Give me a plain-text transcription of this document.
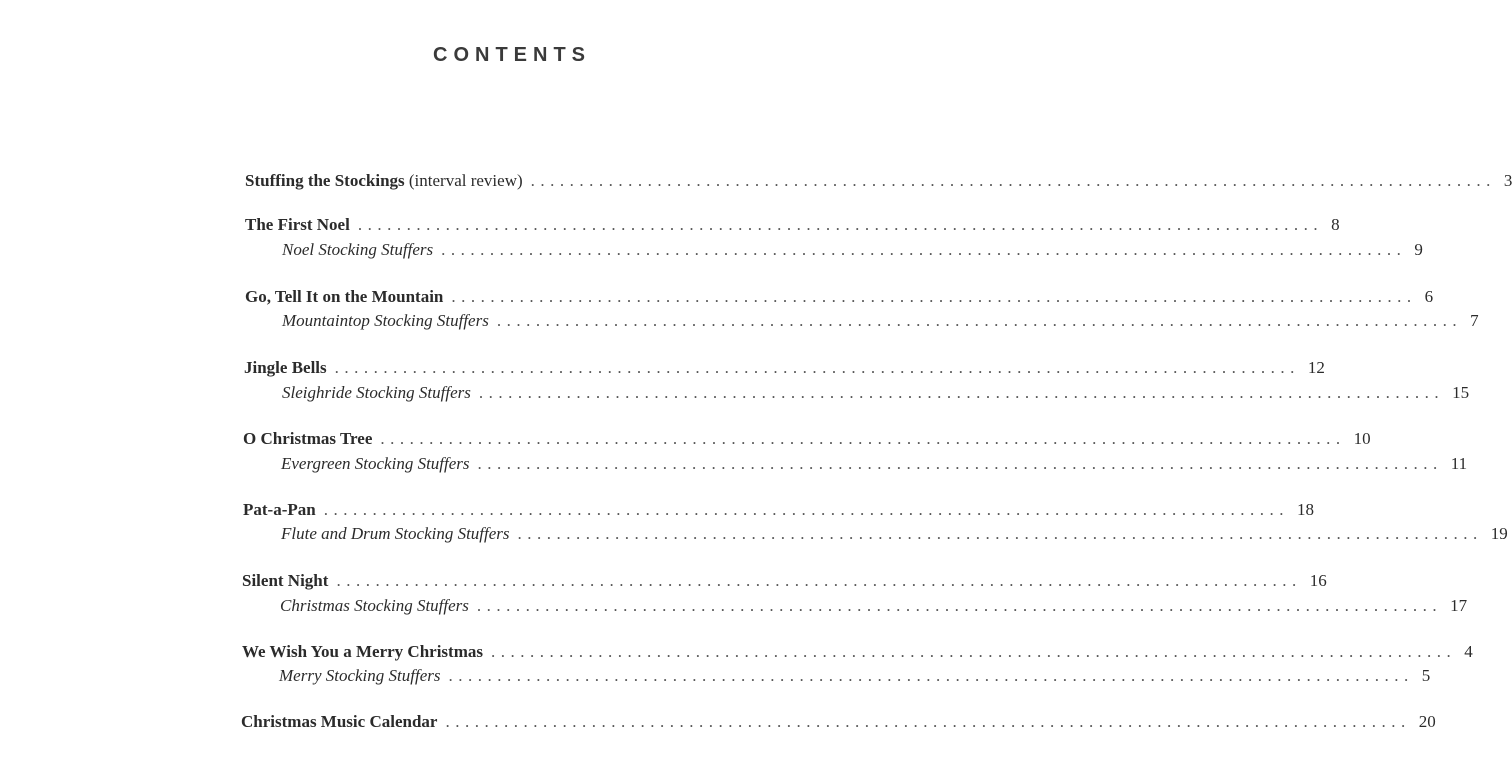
CONTENTS
Stuffing the Stockings (interval review) ................................................................................................... 3
The First Noel ................................................................................................... 8
Noel Stocking Stuffers ................................................................................................... 9
Go, Tell It on the Mountain ................................................................................................... 6
Mountaintop Stocking Stuffers ................................................................................................... 7
Jingle Bells ................................................................................................... 12
Sleighride Stocking Stuffers ................................................................................................... 15
O Christmas Tree ................................................................................................... 10
Evergreen Stocking Stuffers ................................................................................................... 11
Pat-a-Pan ................................................................................................... 18
Flute and Drum Stocking Stuffers ................................................................................................... 19
Silent Night ................................................................................................... 16
Christmas Stocking Stuffers ................................................................................................... 17
We Wish You a Merry Christmas ................................................................................................... 4
Merry Stocking Stuffers ................................................................................................... 5
Christmas Music Calendar ................................................................................................... 20
